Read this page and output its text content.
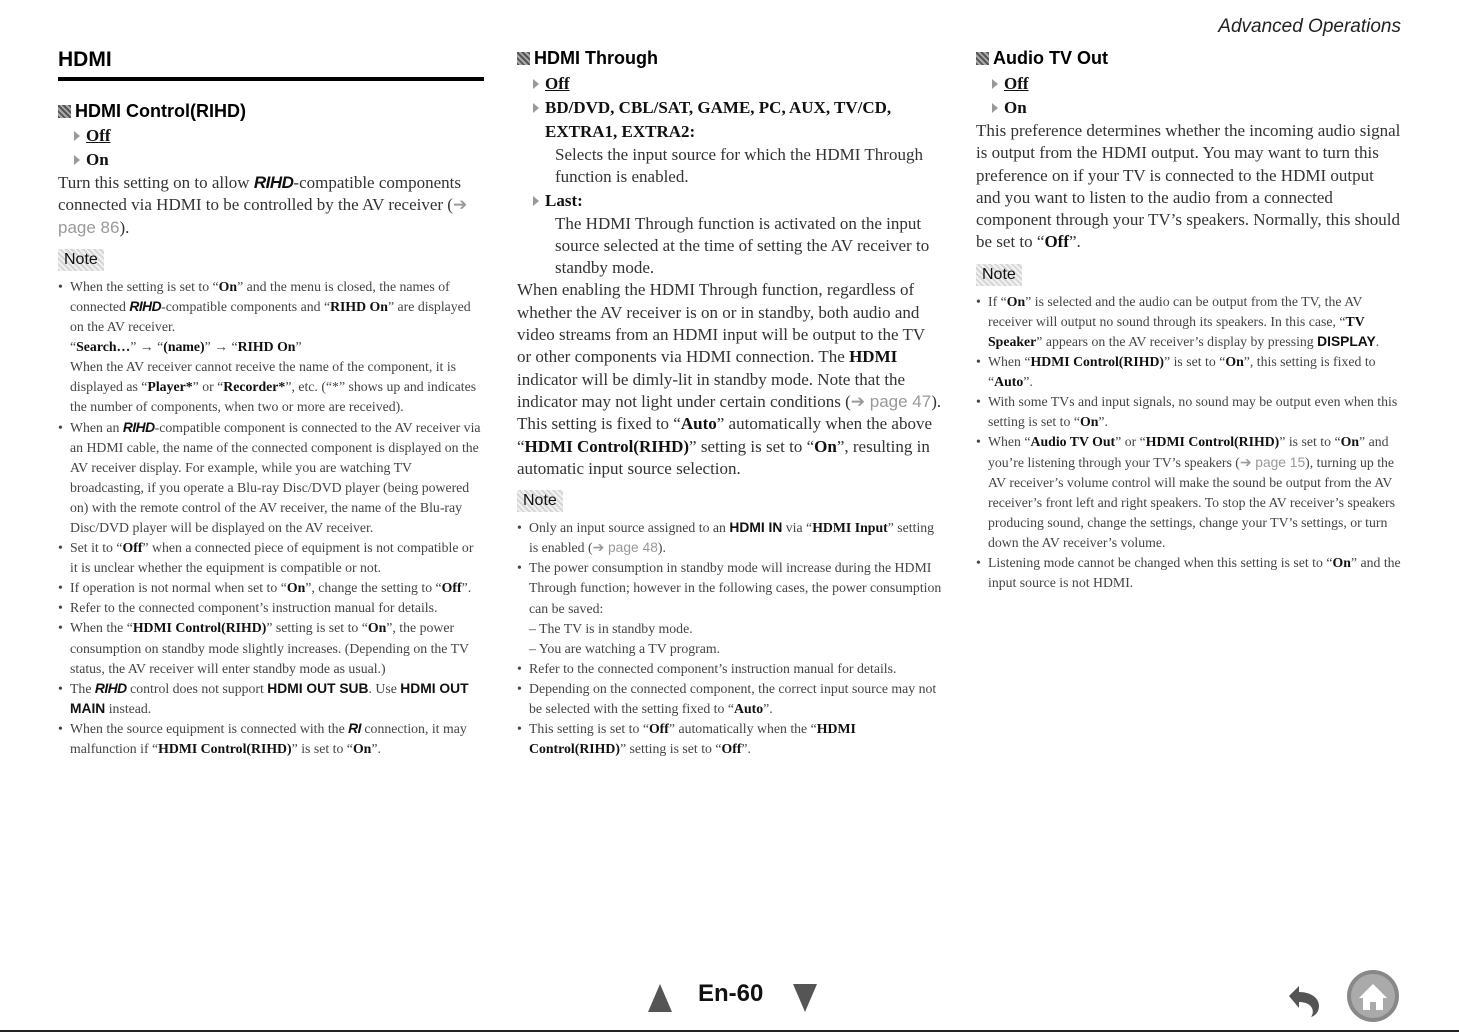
Advanced Operations
HDMI
HDMI Control(RIHD)
Off
On

Turn this setting on to allow RIHD-compatible components connected via HDMI to be controlled by the AV receiver (➔ page 86).

Note
• When the setting is set to “On” and the menu is closed, the names of connected RIHD-compatible components and “RIHD On” are displayed on the AV receiver.
“Search…” → “(name)” → “RIHD On”
When the AV receiver cannot receive the name of the component, it is displayed as “Player*” or “Recorder*”, etc. (“*” shows up and indicates the number of components, when two or more are received).
• When an RIHD-compatible component is connected to the AV receiver via an HDMI cable, the name of the connected component is displayed on the AV receiver display. For example, while you are watching TV broadcasting, if you operate a Blu-ray Disc/DVD player (being powered on) with the remote control of the AV receiver, the name of the Blu-ray Disc/DVD player will be displayed on the AV receiver.
• Set it to “Off” when a connected piece of equipment is not compatible or it is unclear whether the equipment is compatible or not.
• If operation is not normal when set to “On”, change the setting to “Off”.
• Refer to the connected component’s instruction manual for details.
• When the “HDMI Control(RIHD)” setting is set to “On”, the power consumption on standby mode slightly increases. (Depending on the TV status, the AV receiver will enter standby mode as usual.)
• The RIHD control does not support HDMI OUT SUB. Use HDMI OUT MAIN instead.
• When the source equipment is connected with the RI connection, it may malfunction if “HDMI Control(RIHD)” is set to “On”.
HDMI Through
Off
BD/DVD, CBL/SAT, GAME, PC, AUX, TV/CD, EXTRA1, EXTRA2:

Selects the input source for which the HDMI Through function is enabled.

Last :

The HDMI Through function is activated on the input source selected at the time of setting the AV receiver to standby mode.

When enabling the HDMI Through function, regardless of whether the AV receiver is on or in standby, both audio and video streams from an HDMI input will be output to the TV or other components via HDMI connection. The HDMI indicator will be dimly-lit in standby mode. Note that the indicator may not light under certain conditions (➔ page 47).

This setting is fixed to “Auto” automatically when the above “HDMI Control(RIHD)” setting is set to “On”, resulting in automatic input source selection.

Note
• Only an input source assigned to an HDMI IN via “HDMI Input” setting is enabled (➔ page 48).
• The power consumption in standby mode will increase during the HDMI Through function; however in the following cases, the power consumption can be saved:
– The TV is in standby mode.
– You are watching a TV program.
• Refer to the connected component’s instruction manual for details.
• Depending on the connected component, the correct input source may not be selected with the setting fixed to “Auto”.
• This setting is set to “Off” automatically when the “HDMI Control(RIHD)” setting is set to “Off”.
Audio TV Out
Off
On

This preference determines whether the incoming audio signal is output from the HDMI output. You may want to turn this preference on if your TV is connected to the HDMI output and you want to listen to the audio from a connected component through your TV’s speakers. Normally, this should be set to “Off”.

Note
• If “On” is selected and the audio can be output from the TV, the AV receiver will output no sound through its speakers. In this case, “TV Speaker” appears on the AV receiver’s display by pressing DISPLAY.
• When “HDMI Control(RIHD)” is set to “On”, this setting is fixed to “Auto”.
• With some TVs and input signals, no sound may be output even when this setting is set to “On”.
• When “Audio TV Out” or “HDMI Control(RIHD)” is set to “On” and you’re listening through your TV’s speakers (➔ page 15), turning up the AV receiver’s volume control will make the sound be output from the AV receiver’s front left and right speakers. To stop the AV receiver’s speakers producing sound, change the settings, change your TV’s settings, or turn down the AV receiver’s volume.
• Listening mode cannot be changed when this setting is set to “On” and the input source is not HDMI.
En-60
